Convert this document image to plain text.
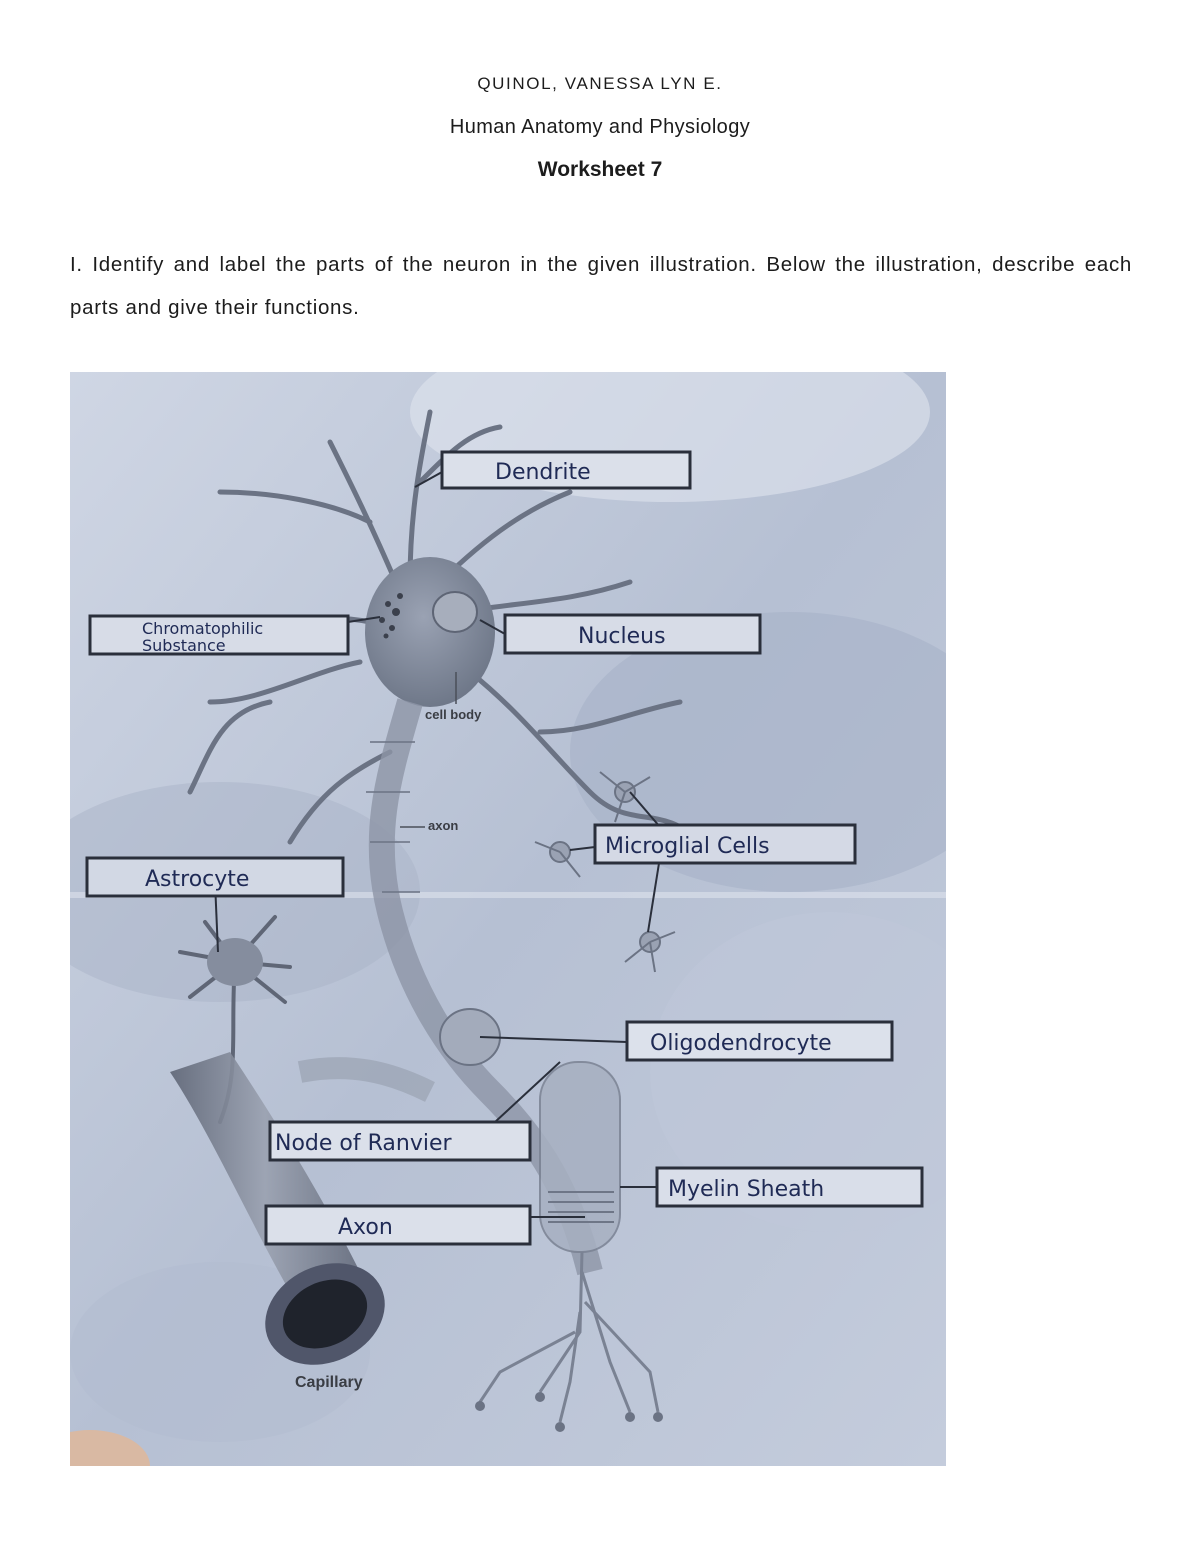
QUINOL, VANESSA LYN E.
Human Anatomy and Physiology
Worksheet 7

I. Identify and label the parts of the neuron in the given illustration. Below the illustration, describe each parts and give their functions.

cell body
axon
Capillary
Dendrite
Chromatophilic
Substance	Nucleus
Microglial Cells
Astrocyte
Oligodendrocyte
Node of Ranvier
Myelin Sheath
Axon
